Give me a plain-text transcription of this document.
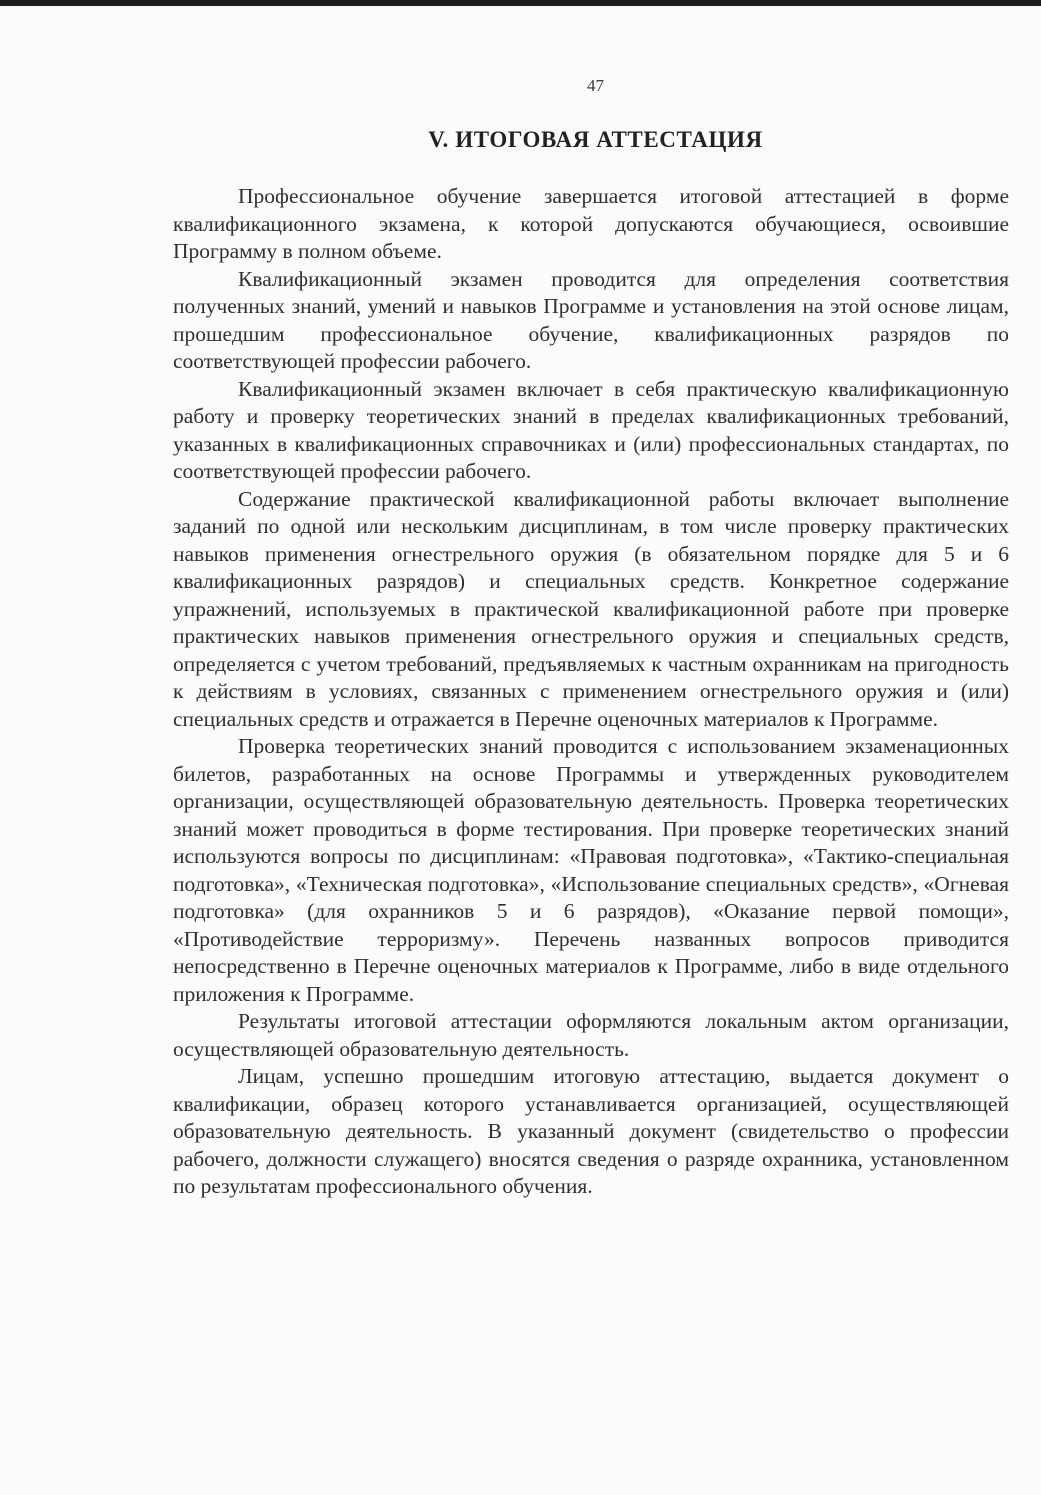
47
V. ИТОГОВАЯ АТТЕСТАЦИЯ

Профессиональное обучение завершается итоговой аттестацией в форме квалификационного экзамена, к которой допускаются обучающиеся, освоившие Программу в полном объеме.

Квалификационный экзамен проводится для определения соответствия полученных знаний, умений и навыков Программе и установления на этой основе лицам, прошедшим профессиональное обучение, квалификационных разрядов по соответствующей профессии рабочего.

Квалификационный экзамен включает в себя практическую квалификационную работу и проверку теоретических знаний в пределах квалификационных требований, указанных в квалификационных справочниках и (или) профессиональных стандартах, по соответствующей профессии рабочего.

Содержание практической квалификационной работы включает выполнение заданий по одной или нескольким дисциплинам, в том числе проверку практических навыков применения огнестрельного оружия (в обязательном порядке для 5 и 6 квалификационных разрядов) и специальных средств. Конкретное содержание упражнений, используемых в практической квалификационной работе при проверке практических навыков применения огнестрельного оружия и специальных средств, определяется с учетом требований, предъявляемых к частным охранникам на пригодность к действиям в условиях, связанных с применением огнестрельного оружия и (или) специальных средств и отражается в Перечне оценочных материалов к Программе.

Проверка теоретических знаний проводится с использованием экзаменационных билетов, разработанных на основе Программы и утвержденных руководителем организации, осуществляющей образовательную деятельность. Проверка теоретических знаний может проводиться в форме тестирования. При проверке теоретических знаний используются вопросы по дисциплинам: «Правовая подготовка», «Тактико-специальная подготовка», «Техническая подготовка», «Использование специальных средств», «Огневая подготовка» (для охранников 5 и 6 разрядов), «Оказание первой помощи», «Противодействие терроризму». Перечень названных вопросов приводится непосредственно в Перечне оценочных материалов к Программе, либо в виде отдельного приложения к Программе.

Результаты итоговой аттестации оформляются локальным актом организации, осуществляющей образовательную деятельность.

Лицам, успешно прошедшим итоговую аттестацию, выдается документ о квалификации, образец которого устанавливается организацией, осуществляющей образовательную деятельность. В указанный документ (свидетельство о профессии рабочего, должности служащего) вносятся сведения о разряде охранника, установленном по результатам профессионального обучения.
